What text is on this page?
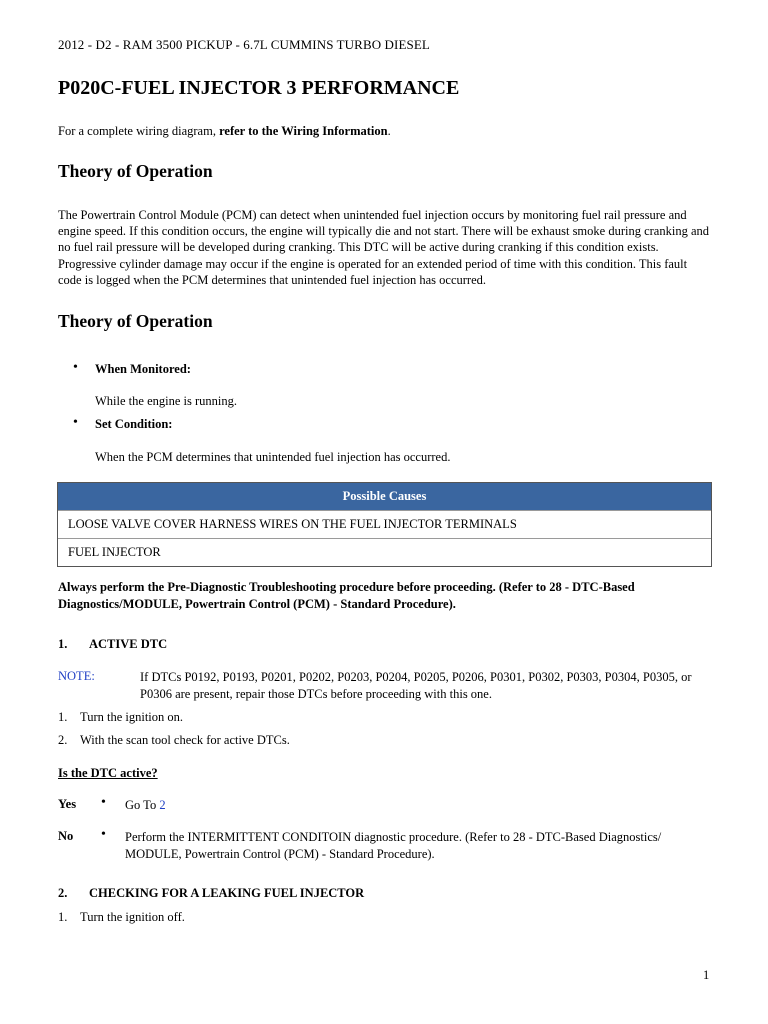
2012 - D2 - RAM 3500 PICKUP - 6.7L CUMMINS TURBO DIESEL
P020C-FUEL INJECTOR 3 PERFORMANCE
For a complete wiring diagram, refer to the Wiring Information.
Theory of Operation

The Powertrain Control Module (PCM) can detect when unintended fuel injection occurs by monitoring fuel rail pressure and engine speed. If this condition occurs, the engine will typically die and not start. There will be exhaust smoke during cranking and no fuel rail pressure will be developed during cranking. This DTC will be active during cranking if this condition exists. Progressive cylinder damage may occur if the engine is operated for an extended period of time with this condition. This fault code is logged when the PCM determines that unintended fuel injection has occurred.

Theory of Operation
• When Monitored:
While the engine is running.
• Set Condition:
When the PCM determines that unintended fuel injection has occurred.
Possible Causes
LOOSE VALVE COVER HARNESS WIRES ON THE FUEL INJECTOR TERMINALS
FUEL INJECTOR

Always perform the Pre-Diagnostic Troubleshooting procedure before proceeding. (Refer to 28 - DTC-Based Diagnostics/MODULE, Powertrain Control (PCM) - Standard Procedure).

1. ACTIVE DTC
NOTE:	If DTCs P0192, P0193, P0201, P0202, P0203, P0204, P0205, P0206, P0301, P0302, P0303, P0304, P0305, or P0306 are present, repair those DTCs before proceeding with this one.

1. Turn the ignition on.
2. With the scan tool check for active DTCs.
Is the DTC active?
Yes • Go To 2
No • Perform the INTERMITTENT CONDITOIN diagnostic procedure. (Refer to 28 - DTC-Based Diagnostics/ MODULE, Powertrain Control (PCM) - Standard Procedure).

2. CHECKING FOR A LEAKING FUEL INJECTOR
1. Turn the ignition off.
1
